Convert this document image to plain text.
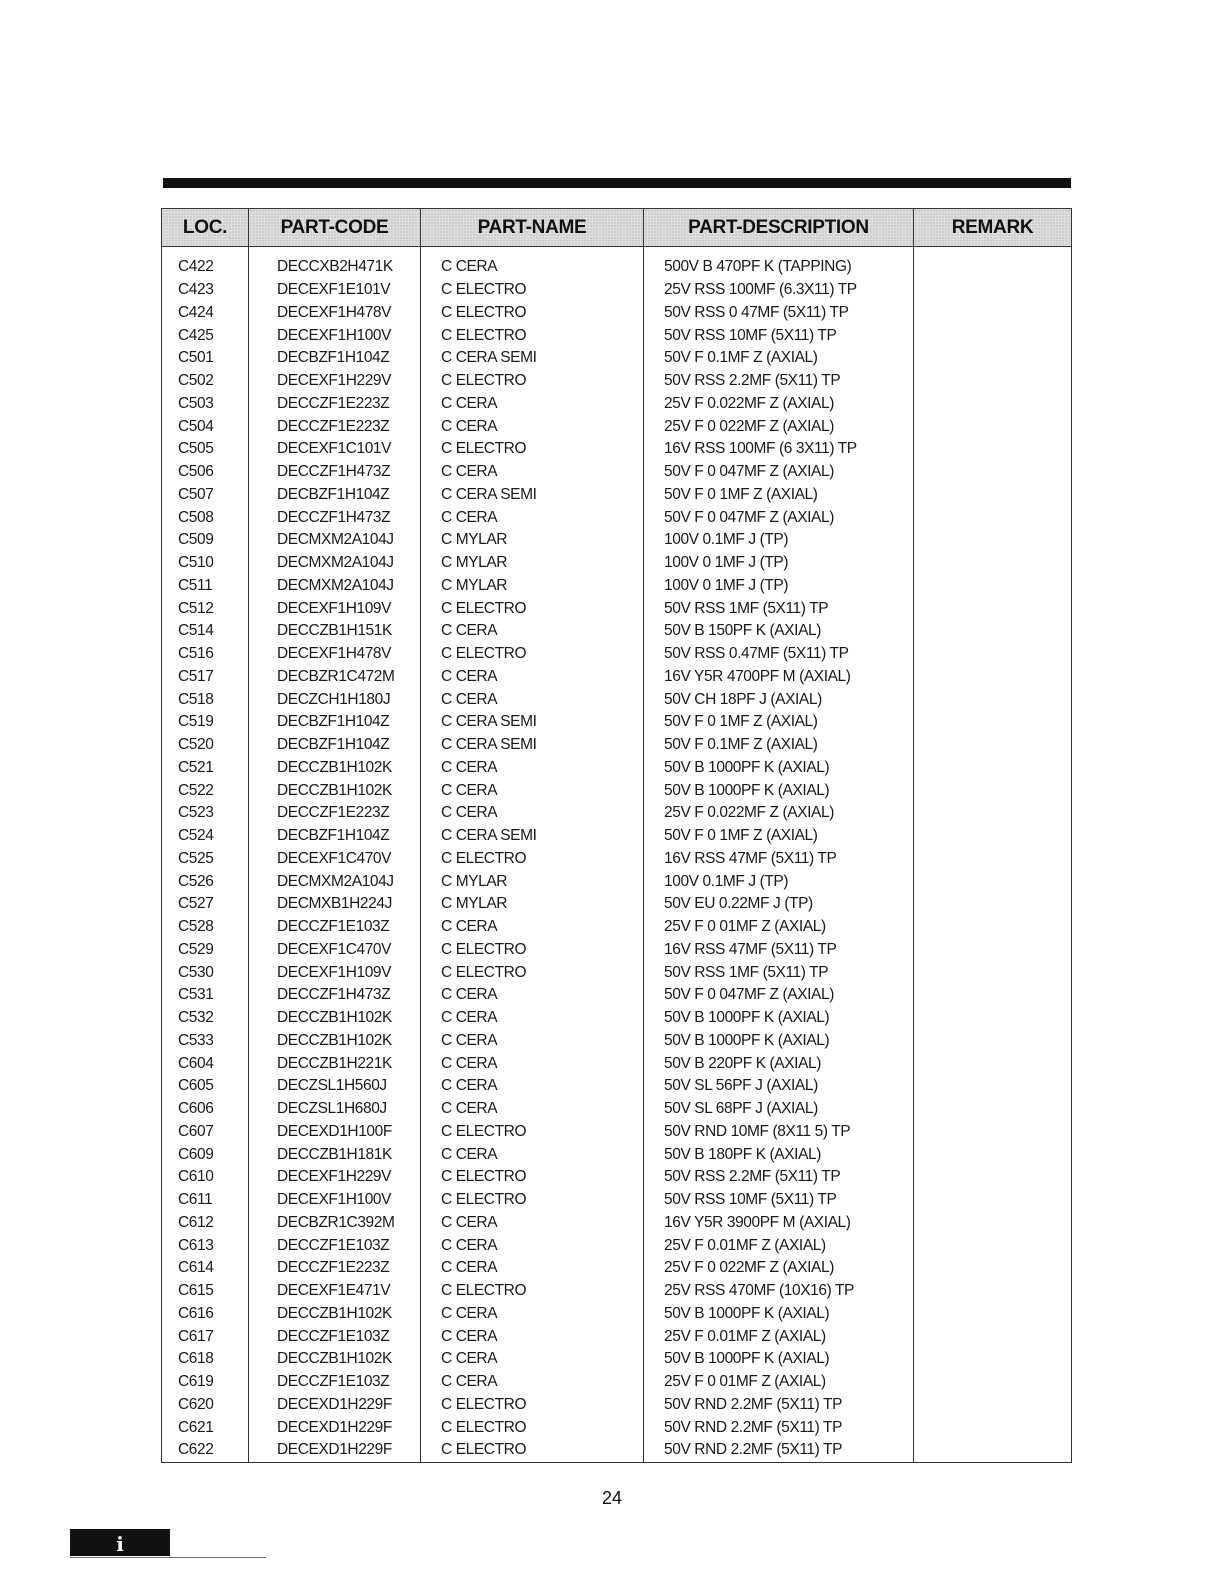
LOC.	PART-CODE	PART-NAME	PART-DESCRIPTION	REMARK
C422	DECCXB2H471K	C CERA	500V B 470PF K (TAPPING)	
C423	DECEXF1E101V	C ELECTRO	25V RSS 100MF (6.3X11) TP	
C424	DECEXF1H478V	C ELECTRO	50V RSS 0 47MF (5X11) TP	
C425	DECEXF1H100V	C ELECTRO	50V RSS 10MF (5X11) TP	
C501	DECBZF1H104Z	C CERA SEMI	50V F 0.1MF Z (AXIAL)	
C502	DECEXF1H229V	C ELECTRO	50V RSS 2.2MF (5X11) TP	
C503	DECCZF1E223Z	C CERA	25V F 0.022MF Z (AXIAL)	
C504	DECCZF1E223Z	C CERA	25V F 0 022MF Z (AXIAL)	
C505	DECEXF1C101V	C ELECTRO	16V RSS 100MF (6 3X11) TP	
C506	DECCZF1H473Z	C CERA	50V F 0 047MF Z (AXIAL)	
C507	DECBZF1H104Z	C CERA SEMI	50V F 0 1MF Z (AXIAL)	
C508	DECCZF1H473Z	C CERA	50V F 0 047MF Z (AXIAL)	
C509	DECMXM2A104J	C MYLAR	100V 0.1MF J (TP)	
C510	DECMXM2A104J	C MYLAR	100V 0 1MF J (TP)	
C511	DECMXM2A104J	C MYLAR	100V 0 1MF J (TP)	
C512	DECEXF1H109V	C ELECTRO	50V RSS 1MF (5X11) TP	
C514	DECCZB1H151K	C CERA	50V B 150PF K (AXIAL)	
C516	DECEXF1H478V	C ELECTRO	50V RSS 0.47MF (5X11) TP	
C517	DECBZR1C472M	C CERA	16V Y5R 4700PF M (AXIAL)	
C518	DECZCH1H180J	C CERA	50V CH 18PF J (AXIAL)	
C519	DECBZF1H104Z	C CERA SEMI	50V F 0 1MF Z (AXIAL)	
C520	DECBZF1H104Z	C CERA SEMI	50V F 0.1MF Z (AXIAL)	
C521	DECCZB1H102K	C CERA	50V B 1000PF K (AXIAL)	
C522	DECCZB1H102K	C CERA	50V B 1000PF K (AXIAL)	
C523	DECCZF1E223Z	C CERA	25V F 0.022MF Z (AXIAL)	
C524	DECBZF1H104Z	C CERA SEMI	50V F 0 1MF Z (AXIAL)	
C525	DECEXF1C470V	C ELECTRO	16V RSS 47MF (5X11) TP	
C526	DECMXM2A104J	C MYLAR	100V 0.1MF J (TP)	
C527	DECMXB1H224J	C MYLAR	50V EU 0.22MF J (TP)	
C528	DECCZF1E103Z	C CERA	25V F 0 01MF Z (AXIAL)	
C529	DECEXF1C470V	C ELECTRO	16V RSS 47MF (5X11) TP	
C530	DECEXF1H109V	C ELECTRO	50V RSS 1MF (5X11) TP	
C531	DECCZF1H473Z	C CERA	50V F 0 047MF Z (AXIAL)	
C532	DECCZB1H102K	C CERA	50V B 1000PF K (AXIAL)	
C533	DECCZB1H102K	C CERA	50V B 1000PF K (AXIAL)	
C604	DECCZB1H221K	C CERA	50V B 220PF K (AXIAL)	
C605	DECZSL1H560J	C CERA	50V SL 56PF J (AXIAL)	
C606	DECZSL1H680J	C CERA	50V SL 68PF J (AXIAL)	
C607	DECEXD1H100F	C ELECTRO	50V RND 10MF (8X11 5) TP	
C609	DECCZB1H181K	C CERA	50V B 180PF K (AXIAL)	
C610	DECEXF1H229V	C ELECTRO	50V RSS 2.2MF (5X11) TP	
C611	DECEXF1H100V	C ELECTRO	50V RSS 10MF (5X11) TP	
C612	DECBZR1C392M	C CERA	16V Y5R 3900PF M (AXIAL)	
C613	DECCZF1E103Z	C CERA	25V F 0.01MF Z (AXIAL)	
C614	DECCZF1E223Z	C CERA	25V F 0 022MF Z (AXIAL)	
C615	DECEXF1E471V	C ELECTRO	25V RSS 470MF (10X16) TP	
C616	DECCZB1H102K	C CERA	50V B 1000PF K (AXIAL)	
C617	DECCZF1E103Z	C CERA	25V F 0.01MF Z (AXIAL)	
C618	DECCZB1H102K	C CERA	50V B 1000PF K (AXIAL)	
C619	DECCZF1E103Z	C CERA	25V F 0 01MF Z (AXIAL)	
C620	DECEXD1H229F	C ELECTRO	50V RND 2.2MF (5X11) TP	
C621	DECEXD1H229F	C ELECTRO	50V RND 2.2MF (5X11) TP	
C622	DECEXD1H229F	C ELECTRO	50V RND 2.2MF (5X11) TP	
24
i
